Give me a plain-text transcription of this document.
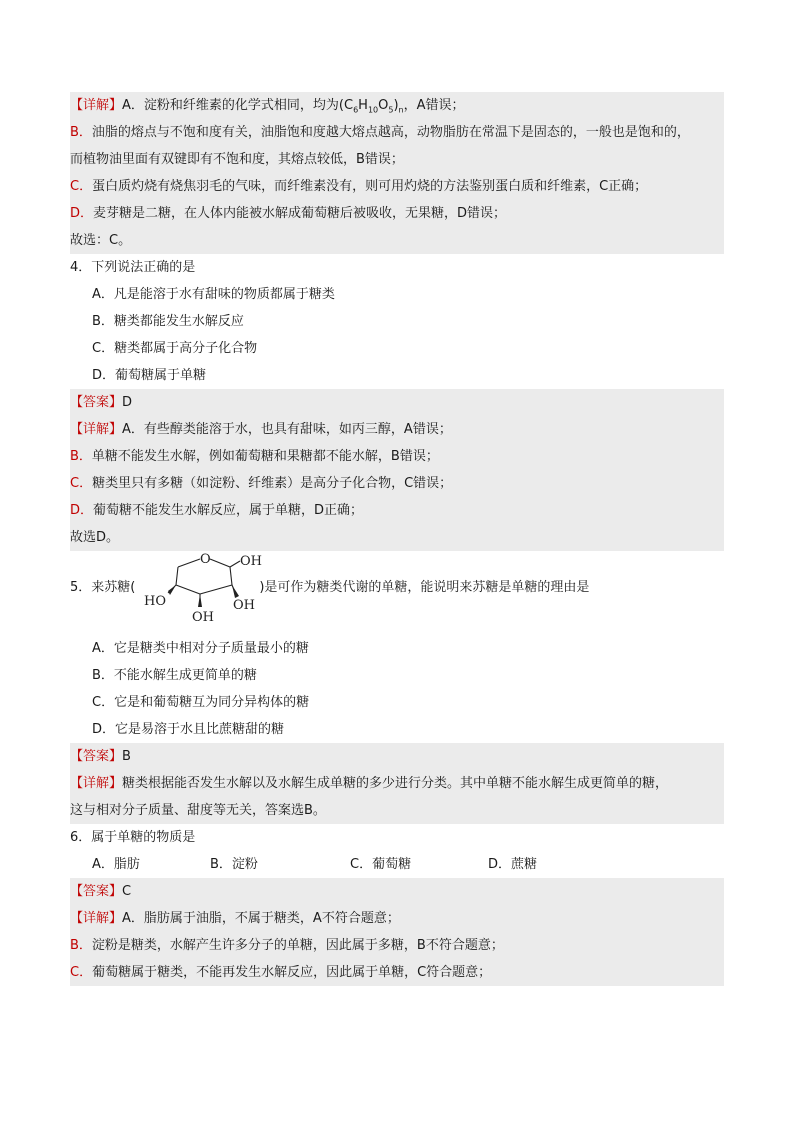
【详解】A．淀粉和纤维素的化学式相同，均为$(C_6H_{10}O_5)_n$，A错误；
B．油脂的熔点与不饱和度有关，油脂饱和度越大熔点越高，动物脂肪在常温下是固态的，一般也是饱和的，
而植物油里面有双键即有不饱和度，其熔点较低，B错误；
C．蛋白质灼烧有烧焦羽毛的气味，而纤维素没有，则可用灼烧的方法鉴别蛋白质和纤维素，C正确；
D．麦芽糖是二糖，在人体内能被水解成葡萄糖后被吸收，无果糖，D错误；
故选：C。
4．下列说法正确的是
A．凡是能溶于水有甜味的物质都属于糖类
B．糖类都能发生水解反应
C．糖类都属于高分子化合物
D．葡萄糖属于单糖
【答案】D
【详解】A．有些醇类能溶于水，也具有甜味，如丙三醇，A错误；
B．单糖不能发生水解，例如葡萄糖和果糖都不能水解，B错误；
C．糖类里只有多糖（如淀粉、纤维素）是高分子化合物，C错误；
D．葡萄糖不能发生水解反应，属于单糖，D正确；
故选D。
5．来苏糖(	)是可作为糖类代谢的单糖，能说明来苏糖是单糖的理由是
O OH
HO	OH
OH
A．它是糖类中相对分子质量最小的糖
B．不能水解生成更简单的糖
C．它是和葡萄糖互为同分异构体的糖
D．它是易溶于水且比蔗糖甜的糖
【答案】B
【详解】糖类根据能否发生水解以及水解生成单糖的多少进行分类。其中单糖不能水解生成更简单的糖，
这与相对分子质量、甜度等无关，答案选B。
6．属于单糖的物质是
A．脂肪	B．淀粉	C．葡萄糖	D．蔗糖
【答案】C
【详解】A．脂肪属于油脂，不属于糖类，A不符合题意；
B．淀粉是糖类，水解产生许多分子的单糖，因此属于多糖，B不符合题意；
C．葡萄糖属于糖类，不能再发生水解反应，因此属于单糖，C符合题意；
